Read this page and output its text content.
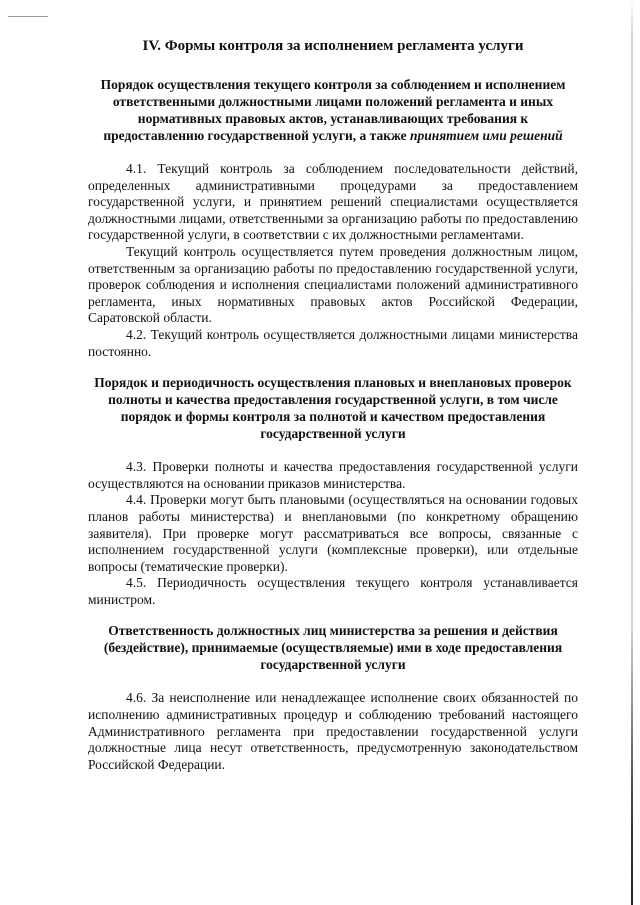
IV. Формы контроля за исполнением регламента услуги
Порядок осуществления текущего контроля за соблюдением и исполнением ответственными должностными лицами положений регламента и иных нормативных правовых актов, устанавливающих требования к предоставлению государственной услуги, а также принятием ими решений

4.1. Текущий контроль за соблюдением последовательности действий, определенных административными процедурами за предоставлением государственной услуги, и принятием решений специалистами осуществляется должностными лицами, ответственными за организацию работы по предоставлению государственной услуги, в соответствии с их должностными регламентами.

Текущий контроль осуществляется путем проведения должностным лицом, ответственным за организацию работы по предоставлению государственной услуги, проверок соблюдения и исполнения специалистами положений административного регламента, иных нормативных правовых актов Российской Федерации, Саратовской области.

4.2. Текущий контроль осуществляется должностными лицами министерства постоянно.

Порядок и периодичность осуществления плановых и внеплановых проверок полноты и качества предоставления государственной услуги, в том числе порядок и формы контроля за полнотой и качеством предоставления государственной услуги

4.3. Проверки полноты и качества предоставления государственной услуги осуществляются на основании приказов министерства.

4.4. Проверки могут быть плановыми (осуществляться на основании годовых планов работы министерства) и внеплановыми (по конкретному обращению заявителя). При проверке могут рассматриваться все вопросы, связанные с исполнением государственной услуги (комплексные проверки), или отдельные вопросы (тематические проверки).

4.5. Периодичность осуществления текущего контроля устанавливается министром.

Ответственность должностных лиц министерства за решения и действия (бездействие), принимаемые (осуществляемые) ими в ходе предоставления государственной услуги

4.6. За неисполнение или ненадлежащее исполнение своих обязанностей по исполнению административных процедур и соблюдению требований настоящего Административного регламента при предоставлении государственной услуги должностные лица несут ответственность, предусмотренную законодательством Российской Федерации.
